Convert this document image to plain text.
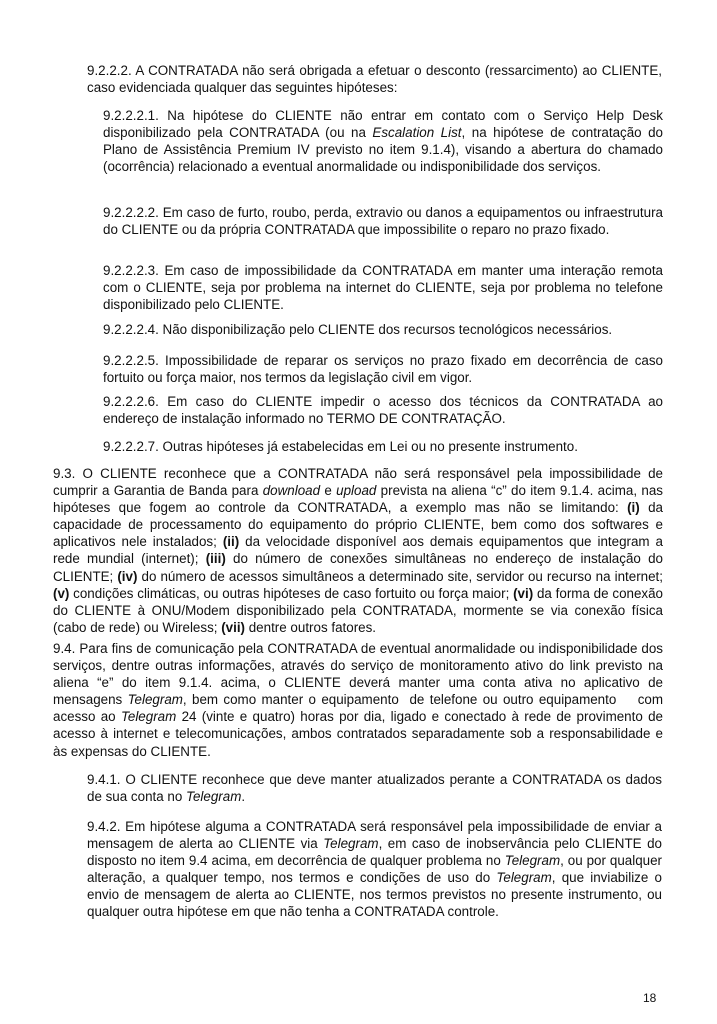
9.2.2.2. A CONTRATADA não será obrigada a efetuar o desconto (ressarcimento) ao CLIENTE, caso evidenciada qualquer das seguintes hipóteses:

9.2.2.2.1. Na hipótese do CLIENTE não entrar em contato com o Serviço Help Desk disponibilizado pela CONTRATADA (ou na Escalation List, na hipótese de contratação do Plano de Assistência Premium IV previsto no item 9.1.4), visando a abertura do chamado (ocorrência) relacionado a eventual anormalidade ou indisponibilidade dos serviços.

9.2.2.2.2. Em caso de furto, roubo, perda, extravio ou danos a equipamentos ou infraestrutura do CLIENTE ou da própria CONTRATADA que impossibilite o reparo no prazo fixado.

9.2.2.2.3. Em caso de impossibilidade da CONTRATADA em manter uma interação remota com o CLIENTE, seja por problema na internet do CLIENTE, seja por problema no telefone disponibilizado pelo CLIENTE.

9.2.2.2.4. Não disponibilização pelo CLIENTE dos recursos tecnológicos necessários.

9.2.2.2.5. Impossibilidade de reparar os serviços no prazo fixado em decorrência de caso fortuito ou força maior, nos termos da legislação civil em vigor.

9.2.2.2.6. Em caso do CLIENTE impedir o acesso dos técnicos da CONTRATADA ao endereço de instalação informado no TERMO DE CONTRATAÇÃO.

9.2.2.2.7. Outras hipóteses já estabelecidas em Lei ou no presente instrumento.

9.3. O CLIENTE reconhece que a CONTRATADA não será responsável pela impossibilidade de cumprir a Garantia de Banda para download e upload prevista na aliena “c” do item 9.1.4. acima, nas hipóteses que fogem ao controle da CONTRATADA, a exemplo mas não se limitando: (i) da capacidade de processamento do equipamento do próprio CLIENTE, bem como dos softwares e aplicativos nele instalados; (ii) da velocidade disponível aos demais equipamentos que integram a rede mundial (internet); (iii) do número de conexões simultâneas no endereço de instalação do CLIENTE; (iv) do número de acessos simultâneos a determinado site, servidor ou recurso na internet; (v) condições climáticas, ou outras hipóteses de caso fortuito ou força maior; (vi) da forma de conexão do CLIENTE à ONU/Modem disponibilizado pela CONTRATADA, mormente se via conexão física (cabo de rede) ou Wireless; (vii) dentre outros fatores.

9.4. Para fins de comunicação pela CONTRATADA de eventual anormalidade ou indisponibilidade dos serviços, dentre outras informações, através do serviço de monitoramento ativo do link previsto na aliena “e” do item 9.1.4. acima, o CLIENTE deverá manter uma conta ativa no aplicativo de mensagens Telegram, bem como manter o equipamento  de telefone ou outro equipamento    com acesso ao Telegram 24 (vinte e quatro) horas por dia, ligado e conectado à rede de provimento de acesso à internet e telecomunicações, ambos contratados separadamente sob a responsabilidade e às expensas do CLIENTE.

9.4.1. O CLIENTE reconhece que deve manter atualizados perante a CONTRATADA os dados de sua conta no Telegram.

9.4.2. Em hipótese alguma a CONTRATADA será responsável pela impossibilidade de enviar a mensagem de alerta ao CLIENTE via Telegram, em caso de inobservância pelo CLIENTE do disposto no item 9.4 acima, em decorrência de qualquer problema no Telegram, ou por qualquer alteração, a qualquer tempo, nos termos e condições de uso do Telegram, que inviabilize o envio de mensagem de alerta ao CLIENTE, nos termos previstos no presente instrumento, ou qualquer outra hipótese em que não tenha a CONTRATADA controle.

18
